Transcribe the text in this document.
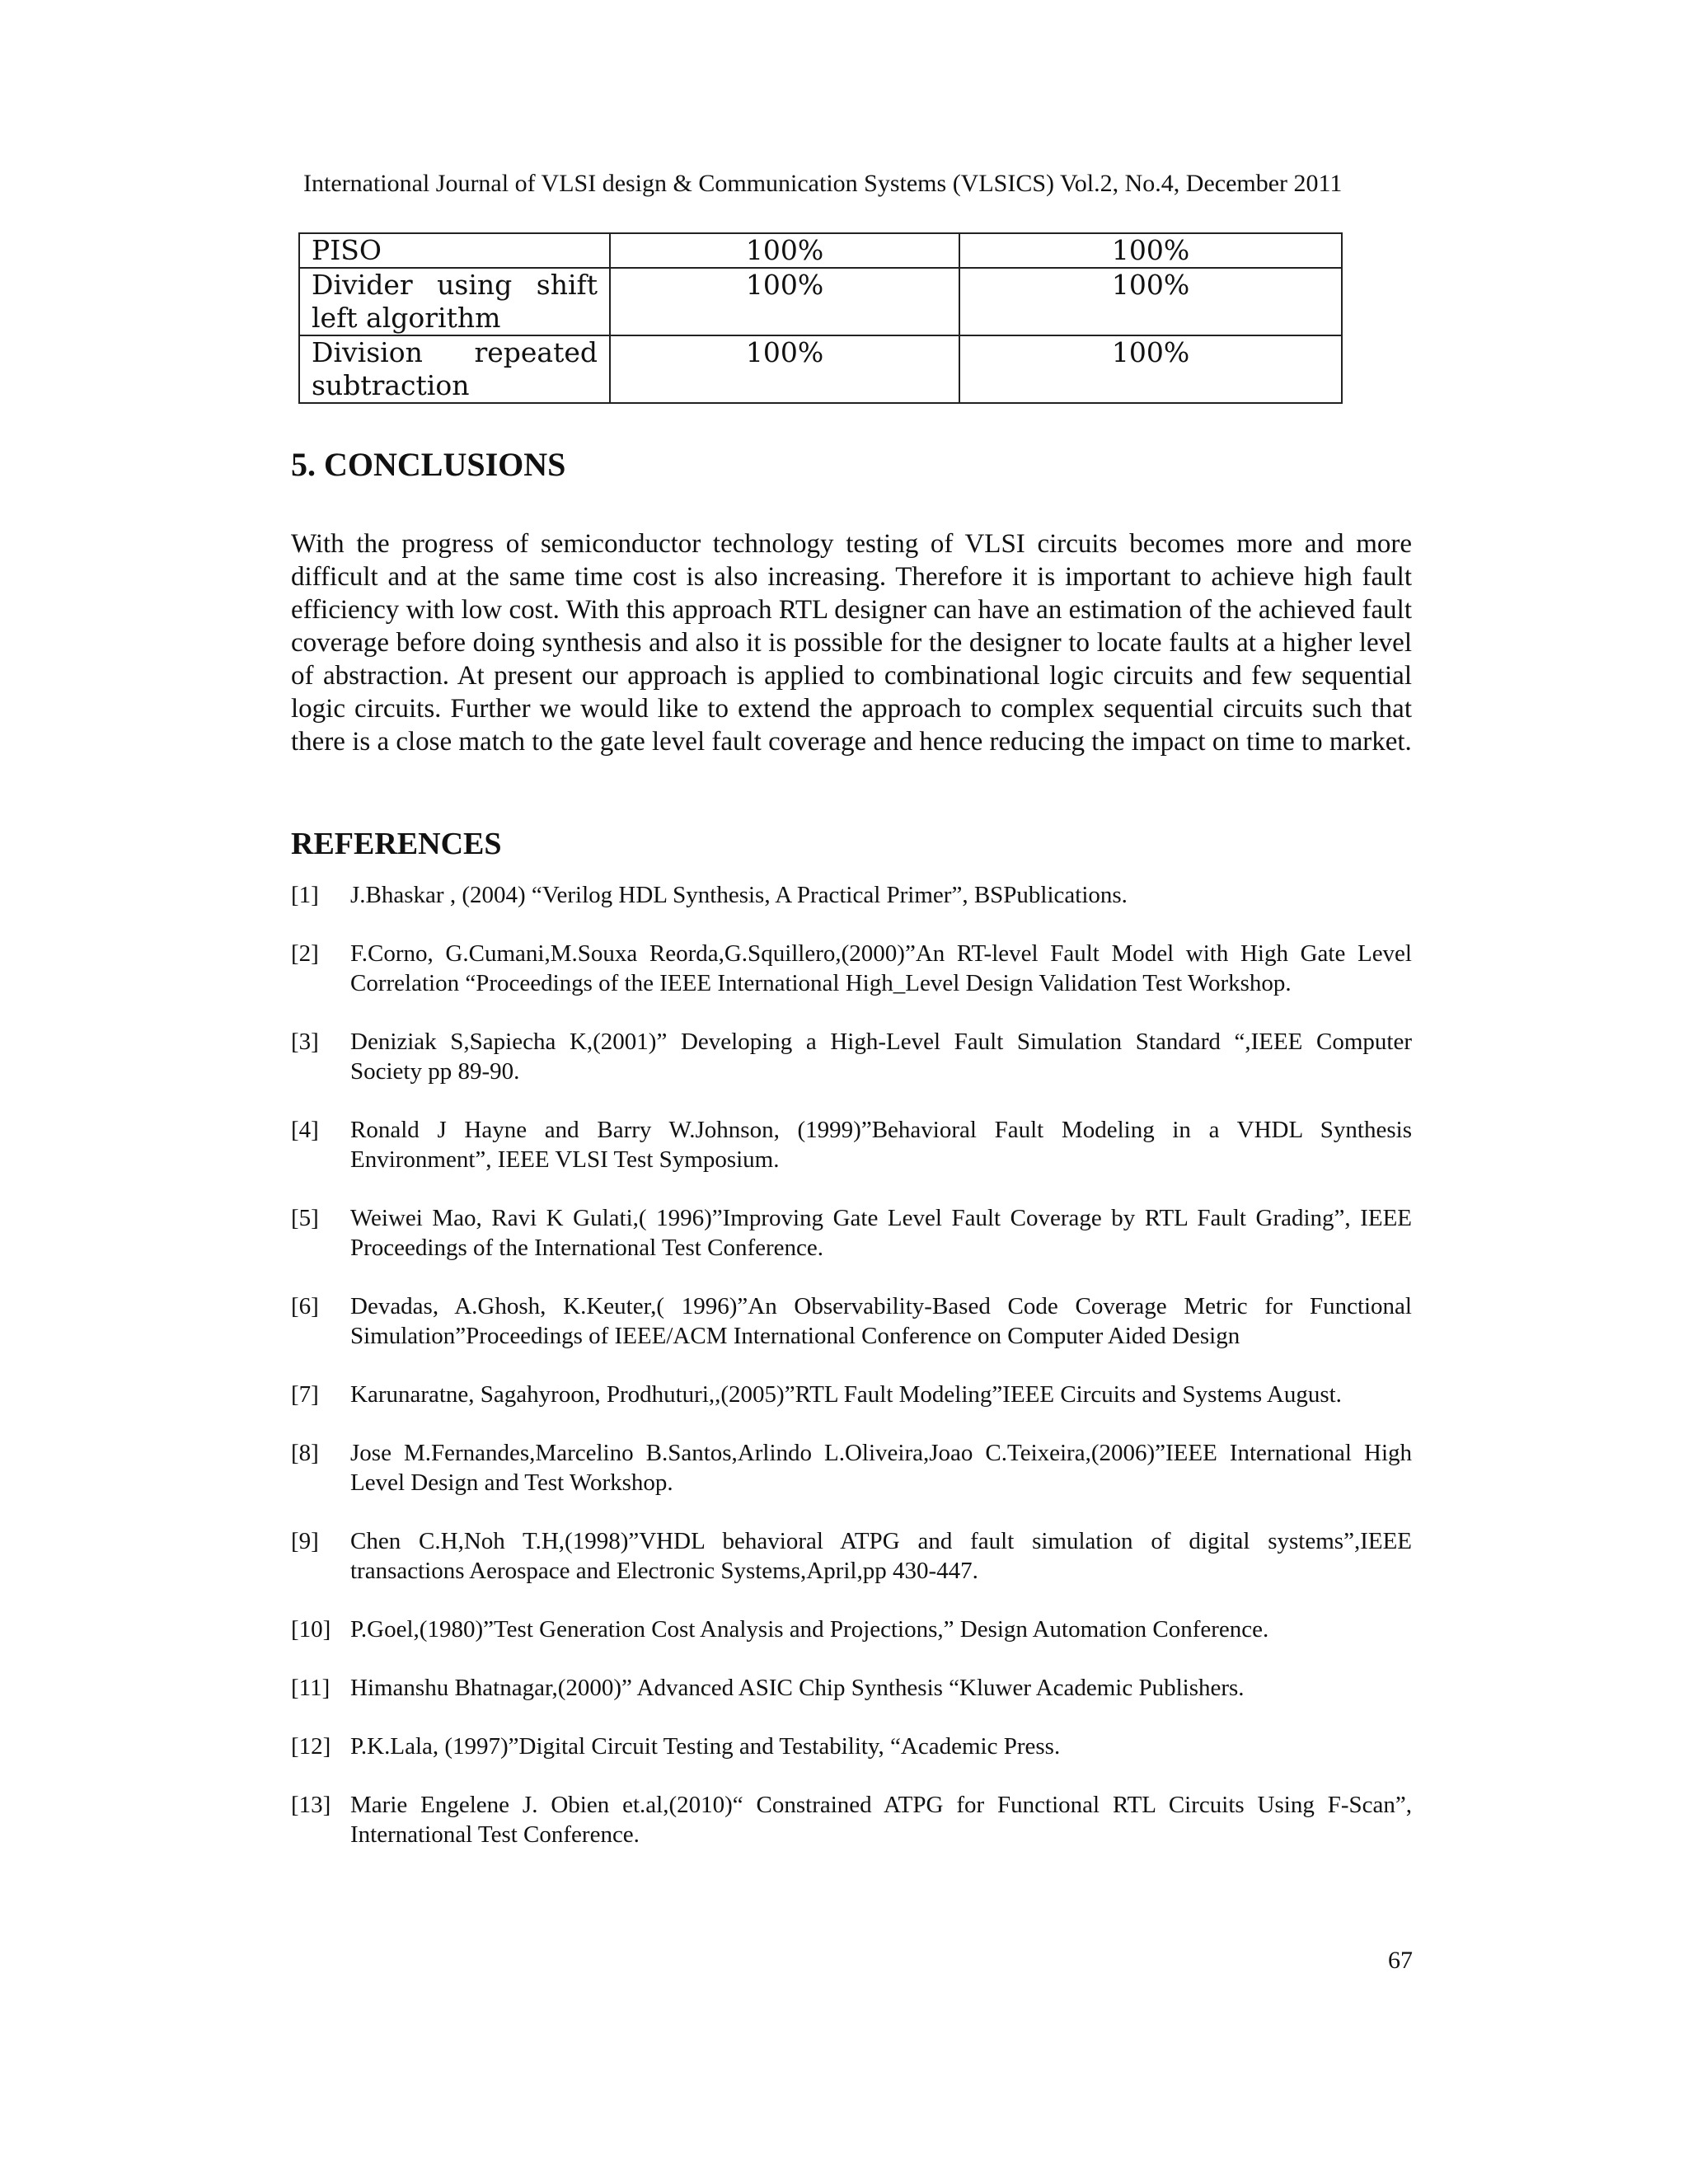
International Journal of VLSI design & Communication Systems (VLSICS) Vol.2, No.4, December 2011
PISO	100%	100%
Divider using shift left algorithm	100%	100%
Division repeated subtraction	100%	100%
5. CONCLUSIONS

With the progress of semiconductor technology testing of VLSI circuits becomes more and more difficult and at the same time cost is also increasing. Therefore it is important to achieve high fault efficiency with low cost. With this approach RTL designer can have an estimation of the achieved fault coverage before doing synthesis and also it is possible for the designer to locate faults at a higher level of abstraction. At present our approach is applied to combinational logic circuits and few sequential logic circuits. Further we would like to extend the approach to complex sequential circuits such that there is a close match to the gate level fault coverage and hence reducing the impact on time to market.

REFERENCES
[1]	J.Bhaskar , (2004) “Verilog HDL Synthesis, A Practical Primer”, BSPublications.
[2]	F.Corno, G.Cumani,M.Souxa Reorda,G.Squillero,(2000)”An RT-level Fault Model with High Gate Level Correlation “Proceedings of the IEEE International High_Level Design Validation Test Workshop.
[3]	Deniziak S,Sapiecha K,(2001)” Developing a High-Level Fault Simulation Standard “,IEEE Computer Society pp 89-90.
[4]	Ronald J Hayne and Barry W.Johnson, (1999)”Behavioral Fault Modeling in a VHDL Synthesis Environment”, IEEE VLSI Test Symposium.
[5]	Weiwei Mao, Ravi K Gulati,( 1996)”Improving Gate Level Fault Coverage by RTL Fault Grading”, IEEE Proceedings of the International Test Conference.
[6]	Devadas, A.Ghosh, K.Keuter,( 1996)”An Observability-Based Code Coverage Metric for Functional Simulation”Proceedings of IEEE/ACM International Conference on Computer Aided Design
[7]	Karunaratne, Sagahyroon, Prodhuturi,,(2005)”RTL Fault Modeling”IEEE Circuits and Systems August.
[8]	Jose M.Fernandes,Marcelino B.Santos,Arlindo L.Oliveira,Joao C.Teixeira,(2006)”IEEE International High Level Design and Test Workshop.
[9]	Chen C.H,Noh T.H,(1998)”VHDL behavioral ATPG and fault simulation of digital systems”,IEEE transactions Aerospace and Electronic Systems,April,pp 430-447.
[10] P.Goel,(1980)”Test Generation Cost Analysis and Projections,” Design Automation Conference.
[11] Himanshu Bhatnagar,(2000)” Advanced ASIC Chip Synthesis “Kluwer Academic Publishers.
[12] P.K.Lala, (1997)”Digital Circuit Testing and Testability, “Academic Press.
[13] Marie Engelene J. Obien et.al,(2010)“ Constrained ATPG for Functional RTL Circuits Using F-Scan”, International Test Conference.
67
